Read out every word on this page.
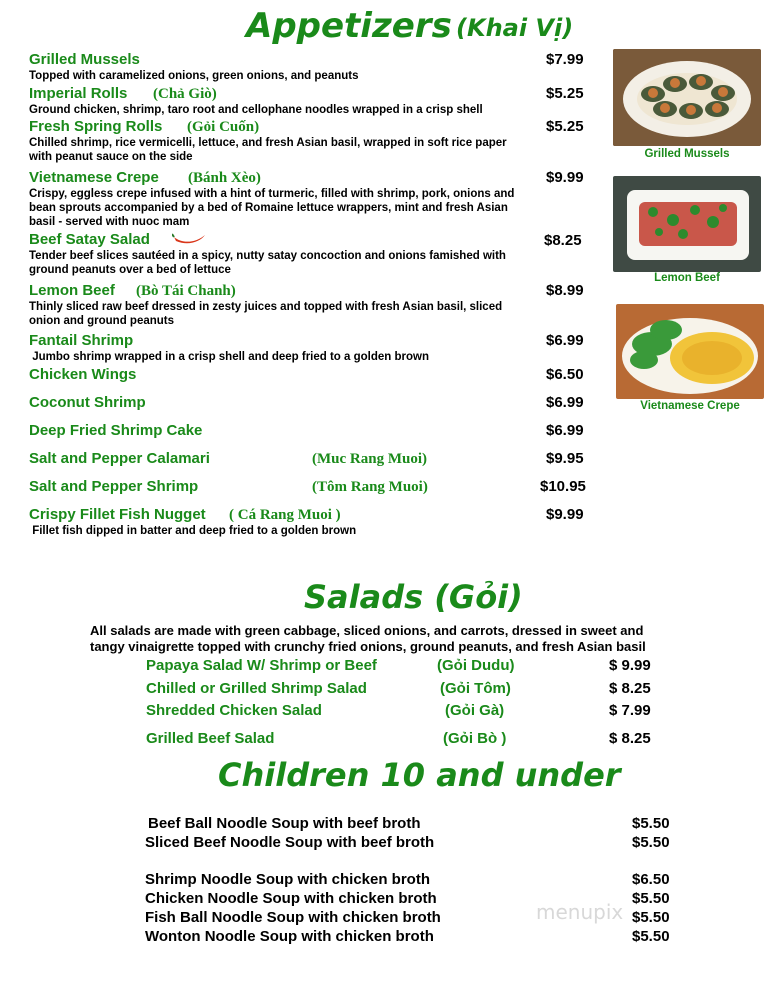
Appetizers (Khai Vị)
Grilled Mussels	$7.99
Topped with caramelized onions, green onions, and peanuts
Imperial Rolls (Chả Giò)	$5.25
Ground chicken, shrimp, taro root and cellophane noodles wrapped in a crisp shell
Fresh Spring Rolls (Gỏi Cuốn)	$5.25
Chilled shrimp, rice vermicelli, lettuce, and fresh Asian basil, wrapped in soft rice paper with peanut sauce on the side
Vietnamese Crepe (Bánh Xèo)	$9.99
Crispy, eggless crepe infused with a hint of turmeric, filled with shrimp, pork, onions and bean sprouts accompanied by a bed of Romaine lettuce wrappers, mint and fresh Asian basil - served with nuoc mam
Beef Satay Salad	$8.25
Tender beef slices sautéed in a spicy, nutty satay concoction and onions famished with ground peanuts over a bed of lettuce
Lemon Beef (Bò Tái Chanh)	$8.99
Thinly sliced raw beef dressed in zesty juices and topped with fresh Asian basil, sliced onion and ground peanuts
Fantail Shrimp	$6.99
Jumbo shrimp wrapped in a crisp shell and deep fried to a golden brown
Chicken Wings	$6.50
Coconut Shrimp	$6.99
Deep Fried Shrimp Cake	$6.99
Salt and Pepper Calamari	(Muc Rang Muoi)	$9.95
Salt and Pepper Shrimp	(Tôm Rang Muoi)	$10.95
Crispy Fillet Fish Nugget ( Cá Rang Muoi )	$9.99
Fillet fish dipped in batter and deep fried to a golden brown
Grilled Mussels
Lemon Beef
Vietnamese Crepe
Salads (Gỏi)
All salads are made with green cabbage, sliced onions, and carrots, dressed in sweet and
tangy vinaigrette topped with crunchy fried onions, ground peanuts, and fresh Asian basil
Papaya Salad W/ Shrimp or Beef	(Gỏi Dudu)	$ 9.99
Chilled or Grilled Shrimp Salad	(Gỏi Tôm)	$ 8.25
Shredded Chicken Salad	(Gỏi Gà)	$ 7.99
Grilled Beef Salad	(Gỏi Bò )	$ 8.25
Children 10 and under
Beef Ball Noodle Soup with beef broth	$5.50
Sliced Beef Noodle Soup with beef broth	$5.50
Shrimp Noodle Soup with chicken broth	$6.50
Chicken Noodle Soup with chicken broth	$5.50
Fish Ball Noodle Soup with chicken broth	$5.50
Wonton Noodle Soup with chicken broth	$5.50
menupix
